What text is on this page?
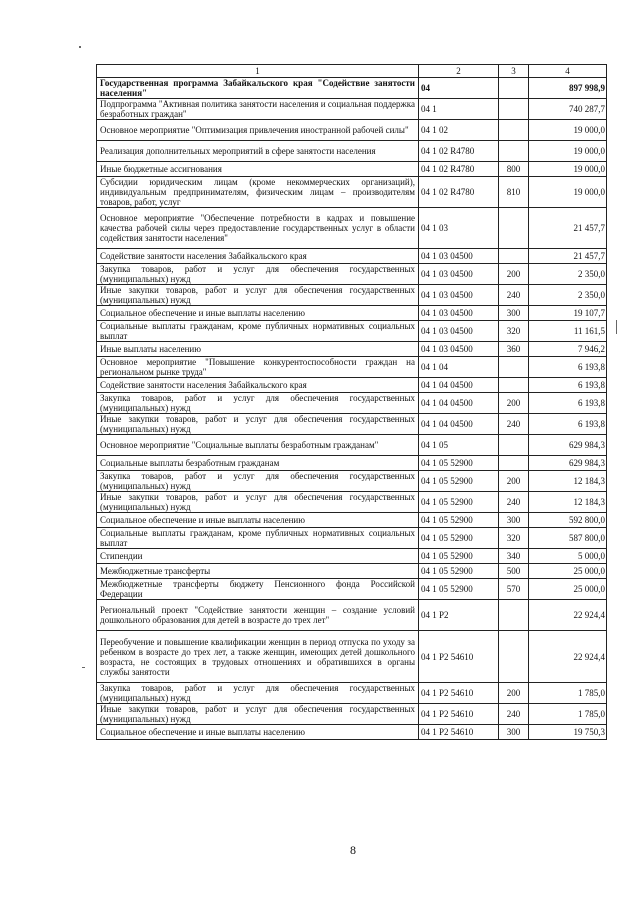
1	2	3	4
Государственная программа Забайкальского края "Содействие занятости населения"	04		897 998,9
Подпрограмма "Активная политика занятости населения и социальная поддержка безработных граждан"	04 1		740 287,7
Основное мероприятие "Оптимизация привлечения иностранной рабочей силы"	04 1 02		19 000,0
Реализация дополнительных мероприятий в сфере занятости населения	04 1 02 R4780		19 000,0
Иные бюджетные ассигнования	04 1 02 R4780	800	19 000,0
Субсидии юридическим лицам (кроме некоммерческих организаций), индивидуальным предпринимателям, физическим лицам – производителям товаров, работ, услуг	04 1 02 R4780	810	19 000,0
Основное мероприятие "Обеспечение потребности в кадрах и повышение качества рабочей силы через предоставление государственных услуг в области содействия занятости населения"	04 1 03		21 457,7
Содействие занятости населения Забайкальского края	04 1 03 04500		21 457,7
Закупка товаров, работ и услуг для обеспечения государственных (муниципальных) нужд	04 1 03 04500	200	2 350,0
Иные закупки товаров, работ и услуг для обеспечения государственных (муниципальных) нужд	04 1 03 04500	240	2 350,0
Социальное обеспечение и иные выплаты населению	04 1 03 04500	300	19 107,7
Социальные выплаты гражданам, кроме публичных нормативных социальных выплат	04 1 03 04500	320	11 161,5
Иные выплаты населению	04 1 03 04500	360	7 946,2
Основное мероприятие "Повышение конкурентоспособности граждан на региональном рынке труда"	04 1 04		6 193,8
Содействие занятости населения Забайкальского края	04 1 04 04500		6 193,8
Закупка товаров, работ и услуг для обеспечения государственных (муниципальных) нужд	04 1 04 04500	200	6 193,8
Иные закупки товаров, работ и услуг для обеспечения государственных (муниципальных) нужд	04 1 04 04500	240	6 193,8
Основное мероприятие "Социальные выплаты безработным гражданам"	04 1 05		629 984,3
Социальные выплаты безработным гражданам	04 1 05 52900		629 984,3
Закупка товаров, работ и услуг для обеспечения государственных (муниципальных) нужд	04 1 05 52900	200	12 184,3
Иные закупки товаров, работ и услуг для обеспечения государственных (муниципальных) нужд	04 1 05 52900	240	12 184,3
Социальное обеспечение и иные выплаты населению	04 1 05 52900	300	592 800,0
Социальные выплаты гражданам, кроме публичных нормативных социальных выплат	04 1 05 52900	320	587 800,0
Стипендии	04 1 05 52900	340	5 000,0
Межбюджетные трансферты	04 1 05 52900	500	25 000,0
Межбюджетные трансферты бюджету Пенсионного фонда Российской Федерации	04 1 05 52900	570	25 000,0
Региональный проект "Содействие занятости женщин – создание условий дошкольного образования для детей в возрасте до трех лет"	04 1 P2		22 924,4
Переобучение и повышение квалификации женщин в период отпуска по уходу за ребенком в возрасте до трех лет, а также женщин, имеющих детей дошкольного возраста, не состоящих в трудовых отношениях и обратившихся в органы службы занятости	04 1 P2 54610		22 924,4
Закупка товаров, работ и услуг для обеспечения государственных (муниципальных) нужд	04 1 P2 54610	200	1 785,0
Иные закупки товаров, работ и услуг для обеспечения государственных (муниципальных) нужд	04 1 P2 54610	240	1 785,0
Социальное обеспечение и иные выплаты населению	04 1 P2 54610	300	19 750,3
8
